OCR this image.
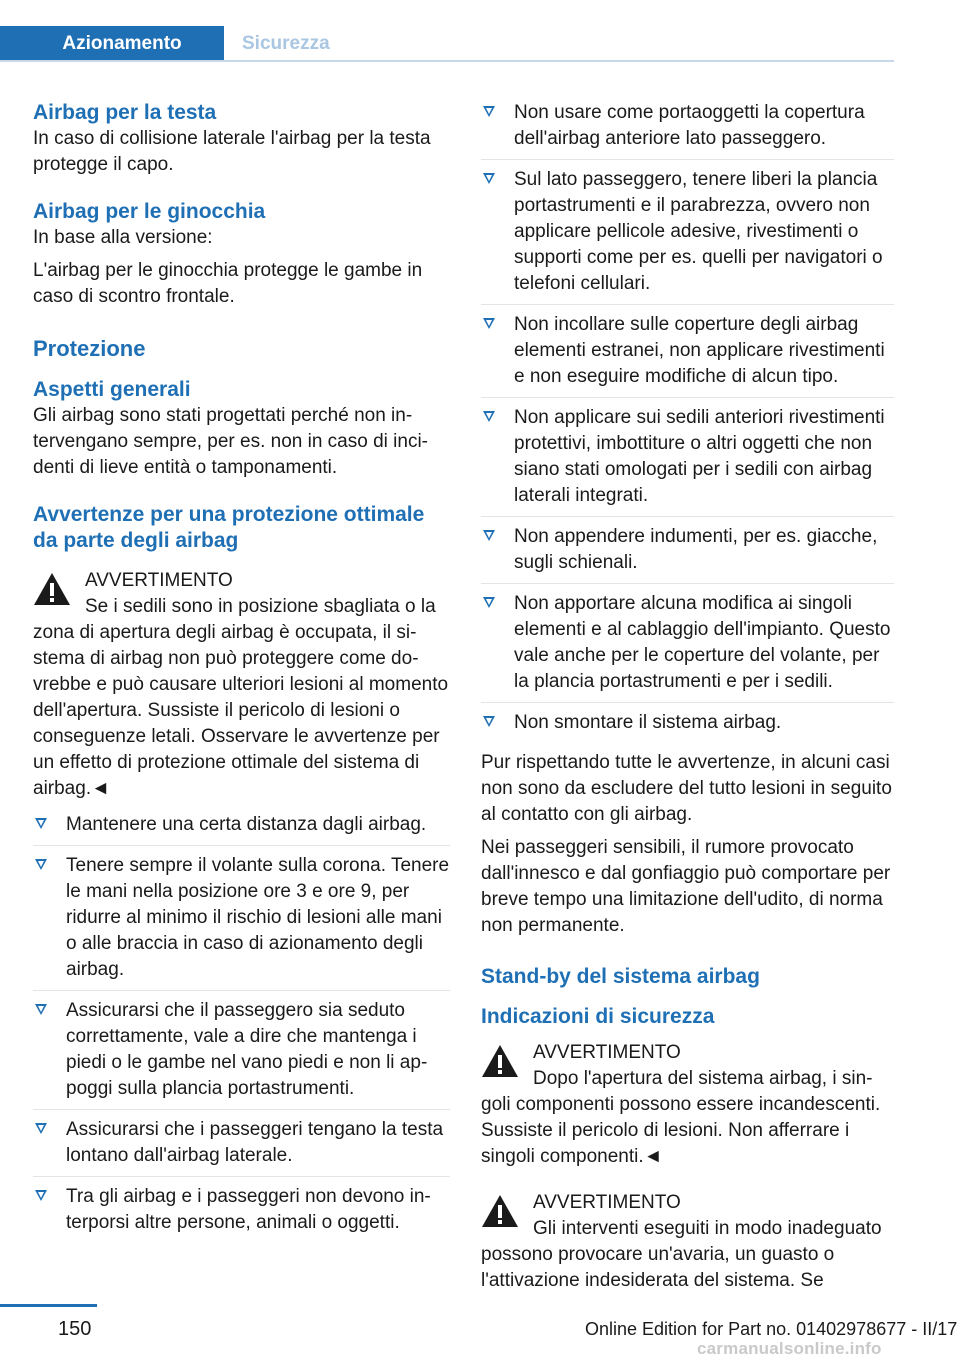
Azionamento	Sicurezza
Airbag per la testa

In caso di collisione laterale l'airbag per la testa protegge il capo.

Airbag per le ginocchia

In base alla versione:

L'airbag per le ginocchia protegge le gambe in caso di scontro frontale.

Protezione
Aspetti generali

Gli airbag sono stati progettati perché non intervengano sempre, per es. non in caso di incidenti di lieve entità o tamponamenti.

Avvertenze per una protezione ottimale da parte degli airbag
AVVERTIMENTO
Se i sedili sono in posizione sbagliata o la zona di apertura degli airbag è occupata, il sistema di airbag non può proteggere come dovrebbe e può causare ulteriori lesioni al momento dell'apertura. Sussiste il pericolo di lesioni o conseguenze letali. Osservare le avvertenze per un effetto di protezione ottimale del sistema di airbag.◄
Mantenere una certa distanza dagli airbag.
Tenere sempre il volante sulla corona. Tenere le mani nella posizione ore 3 e ore 9, per ridurre al minimo il rischio di lesioni alle mani o alle braccia in caso di azionamento degli airbag.
Assicurarsi che il passeggero sia seduto correttamente, vale a dire che mantenga i piedi o le gambe nel vano piedi e non li appoggi sulla plancia portastrumenti.
Assicurarsi che i passeggeri tengano la testa lontano dall'airbag laterale.
Tra gli airbag e i passeggeri non devono interporsi altre persone, animali o oggetti.
Non usare come portaoggetti la copertura dell'airbag anteriore lato passeggero.
Sul lato passeggero, tenere liberi la plancia portastrumenti e il parabrezza, ovvero non applicare pellicole adesive, rivestimenti o supporti come per es. quelli per navigatori o telefoni cellulari.
Non incollare sulle coperture degli airbag elementi estranei, non applicare rivestimenti e non eseguire modifiche di alcun tipo.
Non applicare sui sedili anteriori rivestimenti protettivi, imbottiture o altri oggetti che non siano stati omologati per i sedili con airbag laterali integrati.
Non appendere indumenti, per es. giacche, sugli schienali.
Non apportare alcuna modifica ai singoli elementi e al cablaggio dell'impianto. Questo vale anche per le coperture del volante, per la plancia portastrumenti e per i sedili.
Non smontare il sistema airbag.

Pur rispettando tutte le avvertenze, in alcuni casi non sono da escludere del tutto lesioni in seguito al contatto con gli airbag.

Nei passeggeri sensibili, il rumore provocato dall'innesco e dal gonfiaggio può comportare per breve tempo una limitazione dell'udito, di norma non permanente.

Stand-by del sistema airbag
Indicazioni di sicurezza
AVVERTIMENTO
Dopo l'apertura del sistema airbag, i singoli componenti possono essere incandescenti. Sussiste il pericolo di lesioni. Non afferrare i singoli componenti.◄
AVVERTIMENTO
Gli interventi eseguiti in modo inadeguato possono provocare un'avaria, un guasto o l'attivazione indesiderata del sistema. Se
150	Online Edition for Part no. 01402978677 - II/17
carmanualsonline.info
